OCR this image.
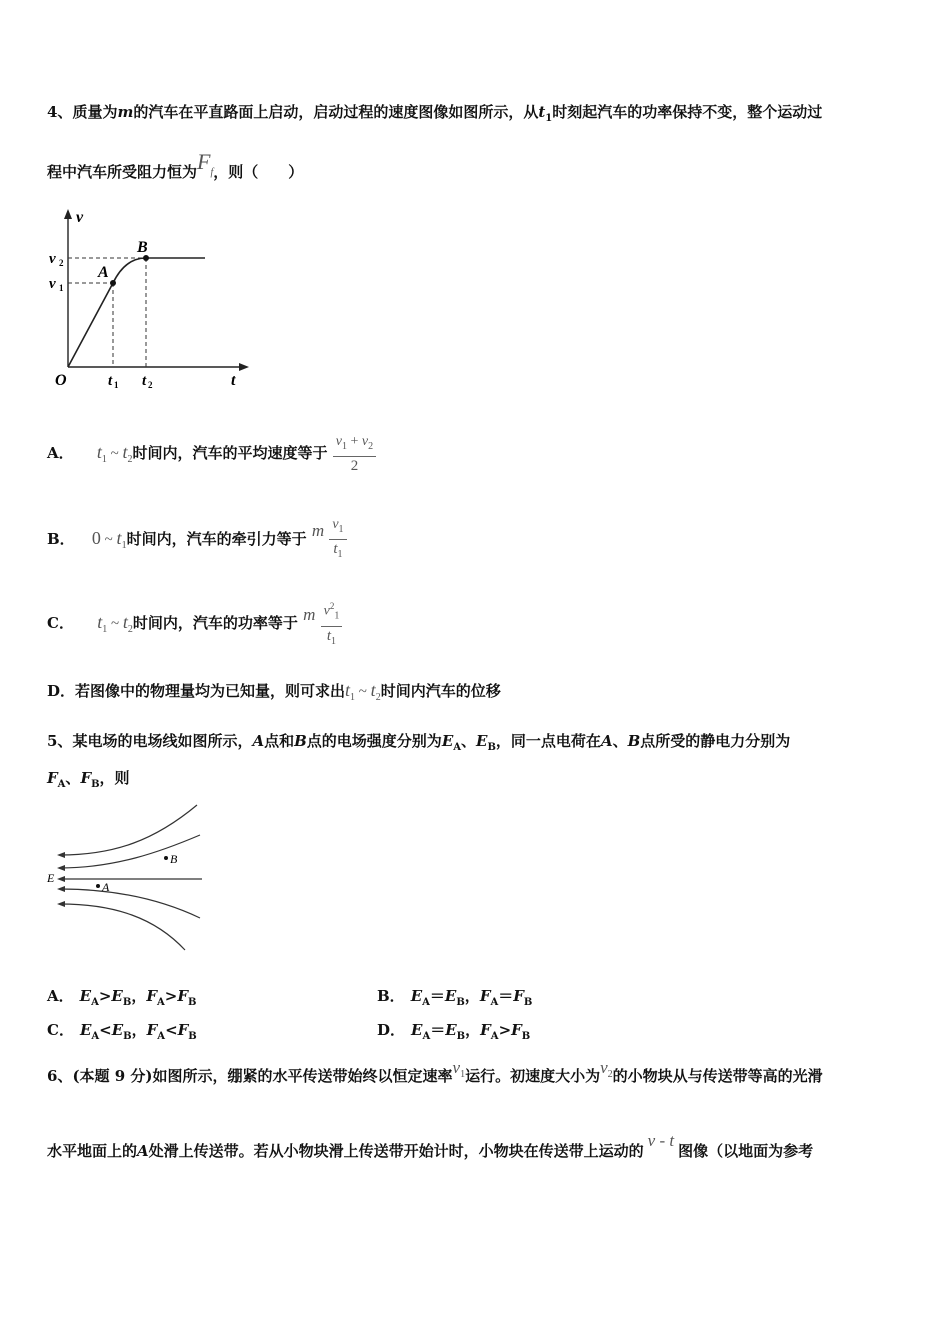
4、质量为m的汽车在平直路面上启动，启动过程的速度图像如图所示，从$t_1$时刻起汽车的功率保持不变，整个运动过
程中汽车所受阻力恒为$F_f$，则（　　）
v
t
O
v 1
v 2
t 1 t 2
A
B
A． $t_1$ ~ $t_2$时间内，汽车的平均速度等于 $\frac{v_1 + v_2}{2}$
B． 0 ~ $t_1$时间内，汽车的牵引力等于 m $\frac{v_1}{t_1}$
C． $t_1$ ~ $t_2$时间内，汽车的功率等于 m $\frac{v^2_1}{t_1}$
D．若图像中的物理量均为已知量，则可求出$t_1$ ~ $t_2$时间内汽车的位移
5、某电场的电场线如图所示，A点和B点的电场强度分别为$E_A$、$E_B$，同一点电荷在A、B点所受的静电力分别为
$F_A$、$F_B$，则
E
B
A
A． $E_A>E_B$，$F_A>F_B$	B． $E_A=E_B$，$F_A=F_B$
C． $E_A<E_B$，$F_A<F_B$	D． $E_A=E_B$，$F_A>F_B$
6、(本题 9 分)如图所示，绷紧的水平传送带始终以恒定速率$v_1$运行。初速度大小为$v_2$的小物块从与传送带等高的光滑
水平地面上的A处滑上传送带。若从小物块滑上传送带开始计时，小物块在传送带上运动的v - t图像（以地面为参考
